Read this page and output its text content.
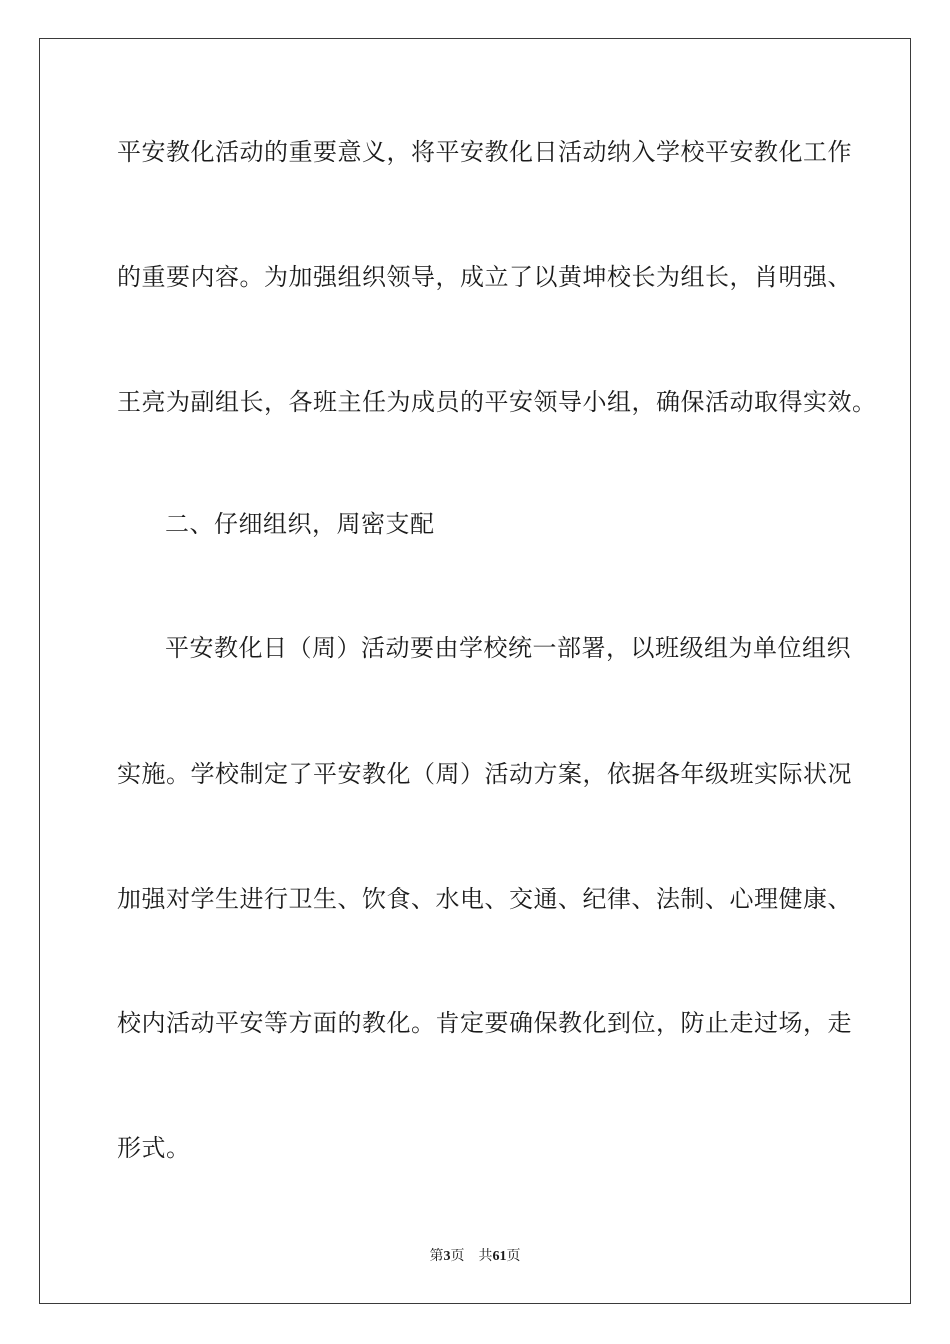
平安教化活动的重要意义，将平安教化日活动纳入学校平安教化工作
的重要内容。为加强组织领导，成立了以黄坤校长为组长，肖明强、
王亮为副组长，各班主任为成员的平安领导小组，确保活动取得实效。
二、仔细组织，周密支配
平安教化日（周）活动要由学校统一部署，以班级组为单位组织
实施。学校制定了平安教化（周）活动方案，依据各年级班实际状况
加强对学生进行卫生、饮食、水电、交通、纪律、法制、心理健康、
校内活动平安等方面的教化。肯定要确保教化到位，防止走过场，走
形式。
第3页 共61页
